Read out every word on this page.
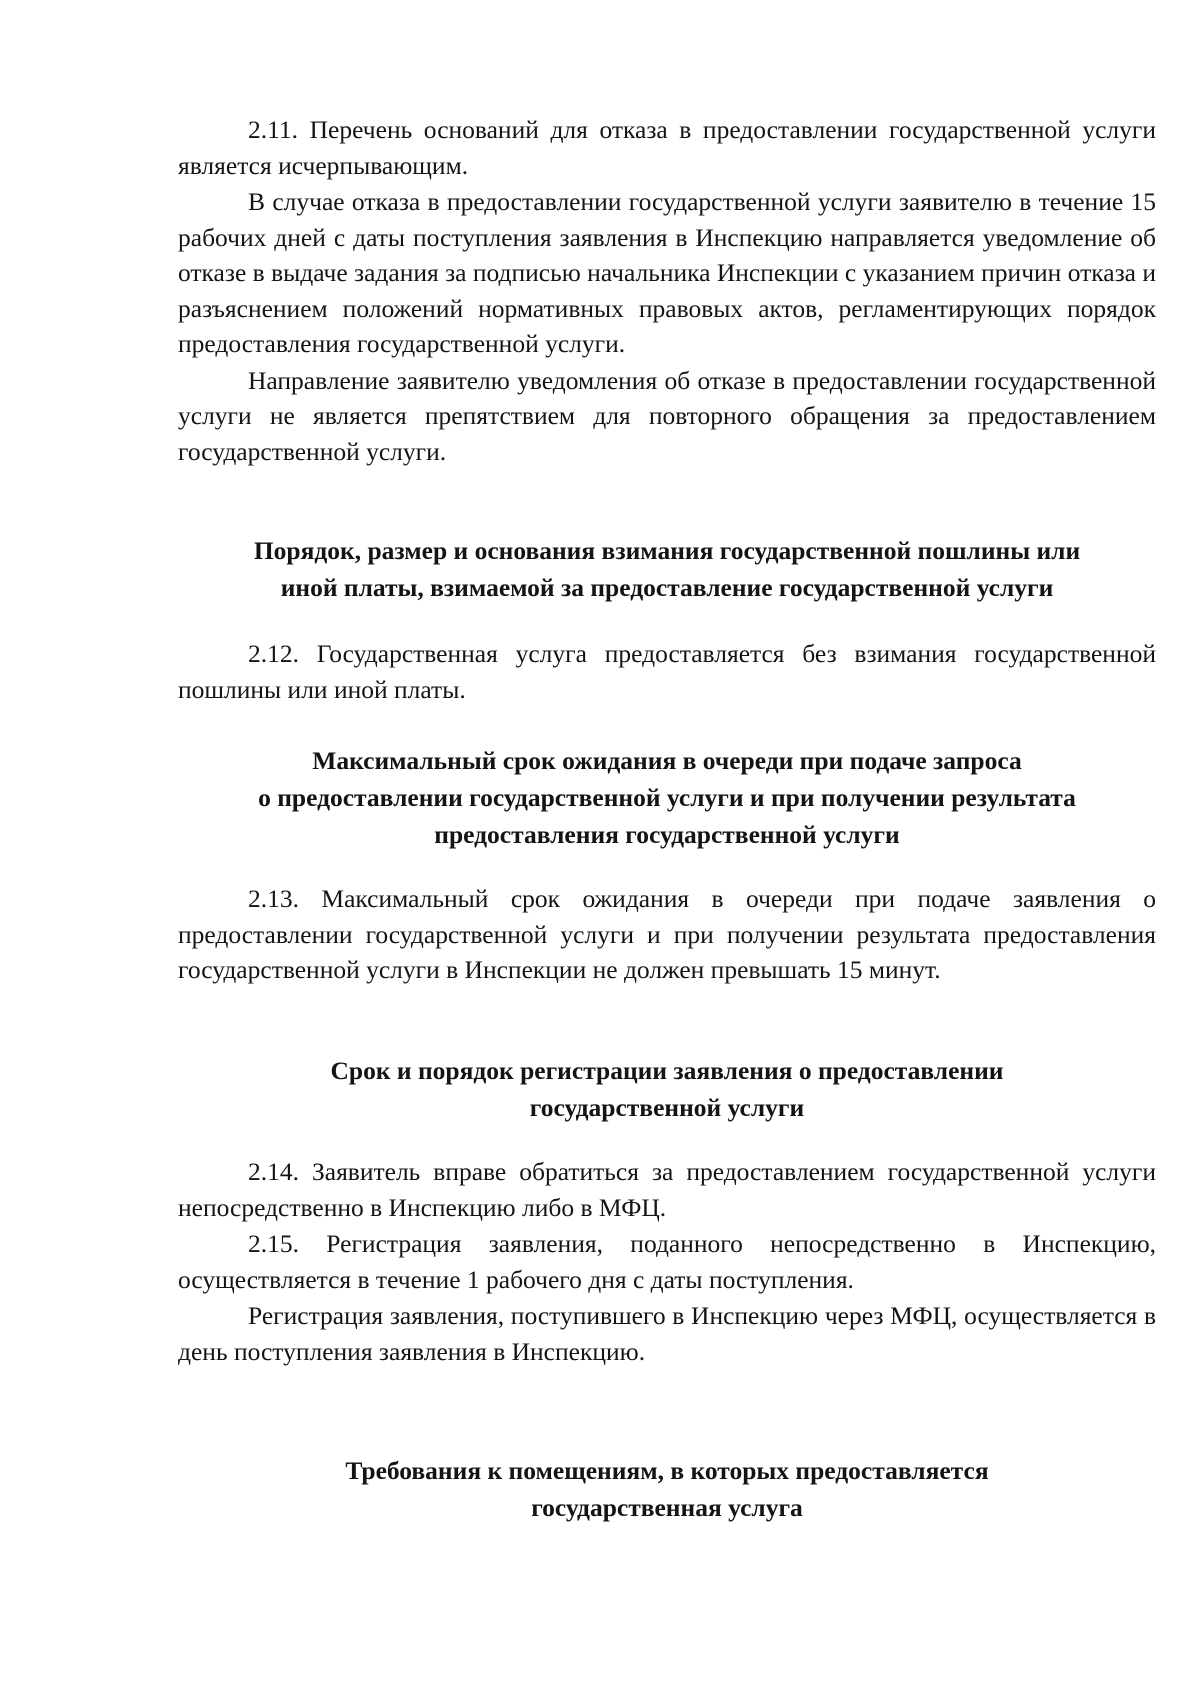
2.11. Перечень оснований для отказа в предоставлении государственной услуги является исчерпывающим.

В случае отказа в предоставлении государственной услуги заявителю в течение 15 рабочих дней с даты поступления заявления в Инспекцию направляется уведомление об отказе в выдаче задания за подписью начальника Инспекции с указанием причин отказа и разъяснением положений нормативных правовых актов, регламентирующих порядок предоставления государственной услуги.

Направление заявителю уведомления об отказе в предоставлении государственной услуги не является препятствием для повторного обращения за предоставлением государственной услуги.

Порядок, размер и основания взимания государственной пошлины или
иной платы, взимаемой за предоставление государственной услуги

2.12. Государственная услуга предоставляется без взимания государственной пошлины или иной платы.

Максимальный срок ожидания в очереди при подаче запроса
о предоставлении государственной услуги и при получении результата
предоставления государственной услуги

2.13. Максимальный срок ожидания в очереди при подаче заявления о предоставлении государственной услуги и при получении результата предоставления государственной услуги в Инспекции не должен превышать 15 минут.

Срок и порядок регистрации заявления о предоставлении
государственной услуги

2.14. Заявитель вправе обратиться за предоставлением государственной услуги непосредственно в Инспекцию либо в МФЦ.

2.15. Регистрация заявления, поданного непосредственно в Инспекцию, осуществляется в течение 1 рабочего дня с даты поступления.

Регистрация заявления, поступившего в Инспекцию через МФЦ, осуществляется в день поступления заявления в Инспекцию.

Требования к помещениям, в которых предоставляется
государственная услуга
